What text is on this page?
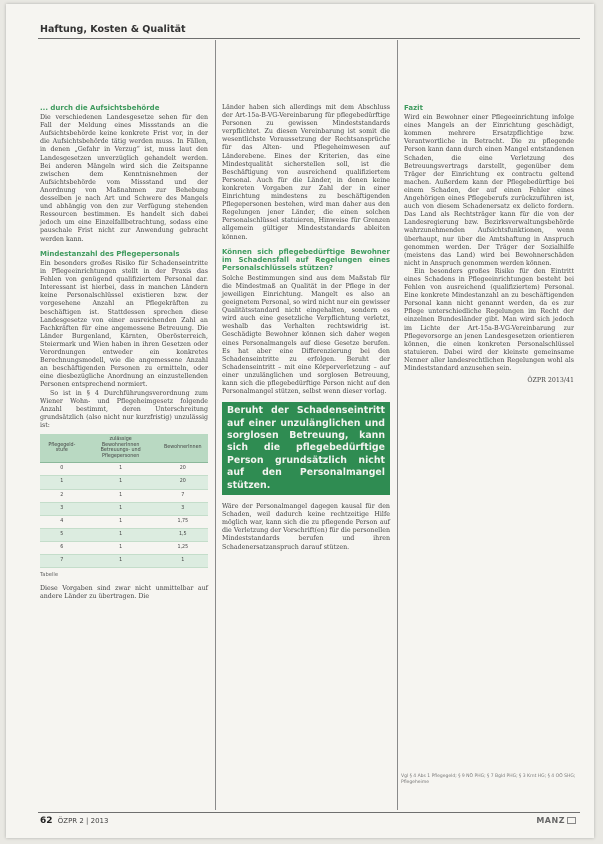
Haftung, Kosten & Qualität
... durch die Aufsichtsbehörde

Die verschiedenen Landesgesetze sehen für den Fall der Meldung eines Missstands an die Aufsichtsbehörde keine konkrete Frist vor, in der die Aufsichtsbehörde tätig werden muss. In Fällen, in denen „Gefahr in Verzug“ ist, muss laut den Landesgesetzen unverzüglich gehandelt werden. Bei anderen Mängeln wird sich die Zeitspanne zwischen dem Kenntnisnehmen der Aufsichtsbehörde vom Missstand und der Anordnung von Maßnahmen zur Behebung desselben je nach Art und Schwere des Mangels und abhängig von den zur Verfügung stehenden Ressourcen bestimmen. Es handelt sich dabei jedoch um eine Einzelfallbetrachtung, sodass eine pauschale Frist nicht zur Anwendung gebracht werden kann.

Mindestanzahl des Pflegepersonals

Ein besonders großes Risiko für Schadenseintritte in Pflegeeinrichtungen stellt in der Praxis das Fehlen von genügend qualifiziertem Personal dar. Interessant ist hierbei, dass in manchen Ländern keine Personalschlüssel existieren bzw. der vorgesehene Anzahl an Pflegekräften zu beschäftigen ist. Stattdessen sprechen diese Landesgesetze von einer ausreichenden Zahl an Fachkräften für eine angemessene Betreuung. Die Länder Burgenland, Kärnten, Oberösterreich, Steiermark und Wien haben in ihren Gesetzen oder Verordnungen entweder ein konkretes Berechnungsmodell, wie die angemessene Anzahl an beschäftigenden Personen zu ermitteln, oder eine diesbezügliche Anordnung an einzustellenden Personen entsprechend normiert.

So ist in § 4 Durchführungsverordnung zum Wiener Wohn- und Pflegeheimgesetz folgende Anzahl bestimmt, deren Unterschreitung grundsätzlich (also nicht nur kurzfristig) unzulässig ist:

Pflegegeld-
stufe	zulässige
BewohnerInnen
Betreuungs- und
Pflegepersonen	BewohnerInnen
0	1	20
1	1	20
2	1	7
3	1	3
4	1	1,75
5	1	1,5
6	1	1,25
7	1	1
Tabelle

Diese Vorgaben sind zwar nicht unmittelbar auf andere Länder zu übertragen. Die

Länder haben sich allerdings mit dem Abschluss der Art-15a-B-VG-Vereinbarung für pflegebedürftige Personen zu gewissen Mindeststandards verpflichtet. Zu diesen Vereinbarung ist somit die wesentlichste Voraussetzung der Rechtsansprüche für das Alten- und Pflegeheimwesen auf Länderebene. Eines der Kriterien, das eine Mindestqualität sicherstellen soll, ist die Beschäftigung von ausreichend qualifiziertem Personal. Auch für die Länder, in denen keine konkreten Vorgaben zur Zahl der in einer Einrichtung mindestens zu beschäftigenden Pflegepersonen bestehen, wird man daher aus den Regelungen jener Länder, die einen solchen Personalschlüssel statuieren, Hinweise für Grenzen allgemein gültiger Mindeststandards ableiten können.

Können sich pflegebedürftige Bewohner im Schadensfall auf Regelungen eines Personalschlüssels stützen?

Solche Bestimmungen sind aus dem Maßstab für die Mindestmaß an Qualität in der Pflege in der jeweiligen Einrichtung. Mangelt es also an geeignetem Personal, so wird nicht nur ein gewisser Qualitätsstandard nicht eingehalten, sondern es wird auch eine gesetzliche Verpflichtung verletzt, weshalb das Verhalten rechtswidrig ist. Geschädigte Bewohner können sich daher wegen eines Personalmangels auf diese Gesetze berufen. Es hat aber eine Differenzierung bei den Schadenseintritte zu erfolgen. Beruht der Schadenseintritt – mit eine Körperverletzung – auf einer unzulänglichen und sorglosen Betreuung, kann sich die pflegebedürftige Person nicht auf den Personalmangel stützen, selbst wenn dieser vorlag.

Beruht der Schadenseintritt auf einer unzulänglichen und sorglosen Betreuung, kann sich die pflegebedürftige Person grundsätzlich nicht auf den Personalmangel stützen.

Wäre der Personalmangel dagegen kausal für den Schaden, weil dadurch keine rechtzeitige Hilfe möglich war, kann sich die zu pflegende Person auf die Verletzung der Vorschrift(en) für die personellen Mindeststandards berufen und ihren Schadenersatzanspruch darauf stützen.

Fazit

Wird ein Bewohner einer Pflegeeinrichtung infolge eines Mangels an der Einrichtung geschädigt, kommen mehrere Ersatzpflichtige bzw. Verantwortliche in Betracht. Die zu pflegende Person kann dann durch einen Mangel entstandenen Schaden, die eine Verletzung des Betreuungsvertrags darstellt, gegenüber dem Träger der Einrichtung ex contractu geltend machen. Außerdem kann der Pflegebedürftige bei einem Schaden, der auf einen Fehler eines Angehörigen eines Pflegeberufs zurückzuführen ist, auch von diesem Schadenersatz ex delicto fordern. Das Land als Rechtsträger kann für die von der Landesregierung bzw. Bezirksverwaltungsbehörde wahrzunehmenden Aufsichtsfunktionen, wenn überhaupt, nur über die Amtshaftung in Anspruch genommen werden. Der Träger der Sozialhilfe (meistens das Land) wird bei Bewohnerschäden nicht in Anspruch genommen werden können.

Ein besonders großes Risiko für den Eintritt eines Schadens in Pflegeeinrichtungen besteht bei Fehlen von ausreichend (qualifiziertem) Personal. Eine konkrete Mindestanzahl an zu beschäftigenden Personal kann nicht genannt werden, da es zur Pflege unterschiedliche Regelungen im Recht der einzelnen Bundesländer gibt. Man wird sich jedoch im Lichte der Art-15a-B-VG-Vereinbarung zur Pflegevorsorge an jenen Landesgesetzen orientieren können, die einen konkreten Personalschlüssel statuieren. Dabei wird der kleinste gemeinsame Nenner aller landesrechtlichen Regelungen wohl als Mindeststandard anzusehen sein.

ÖZPR 2013/41
Vgl § 4 Abs 1 Pflegegeld; § 9 NÖ PHG; § 7 Bgld PHG; § 3 Krnt HG; § 4 OÖ SHG; Pflegeheime
62 ÖZPR 2 | 2013	MANZ
